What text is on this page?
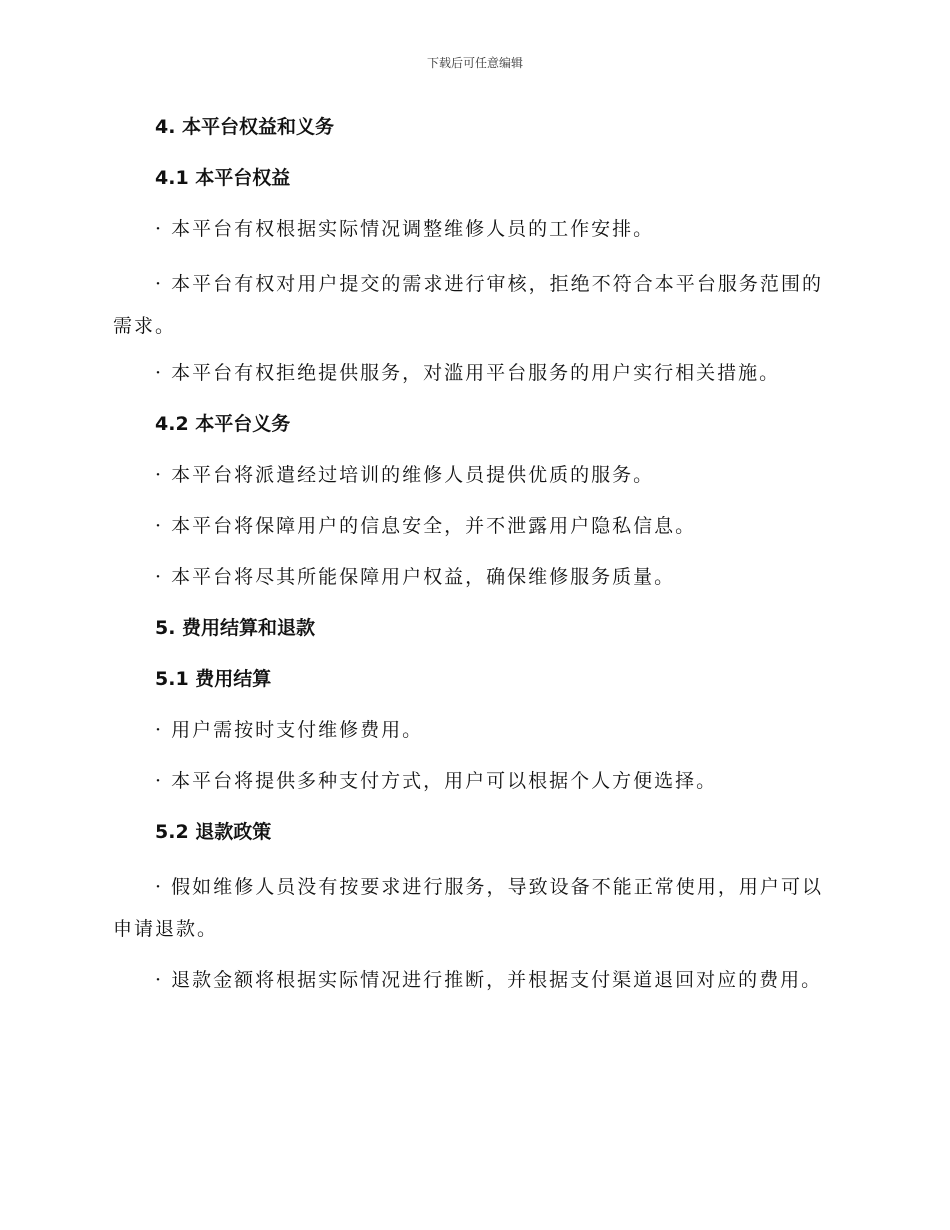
下载后可任意编辑
4. 本平台权益和义务
4.1 本平台权益

· 本平台有权根据实际情况调整维修人员的工作安排。

· 本平台有权对用户提交的需求进行审核，拒绝不符合本平台服务范围的需求。

· 本平台有权拒绝提供服务，对滥用平台服务的用户实行相关措施。

4.2 本平台义务

· 本平台将派遣经过培训的维修人员提供优质的服务。

· 本平台将保障用户的信息安全，并不泄露用户隐私信息。

· 本平台将尽其所能保障用户权益，确保维修服务质量。

5. 费用结算和退款
5.1 费用结算

· 用户需按时支付维修费用。

· 本平台将提供多种支付方式，用户可以根据个人方便选择。

5.2 退款政策

· 假如维修人员没有按要求进行服务，导致设备不能正常使用，用户可以申请退款。

· 退款金额将根据实际情况进行推断，并根据支付渠道退回对应的费用。
